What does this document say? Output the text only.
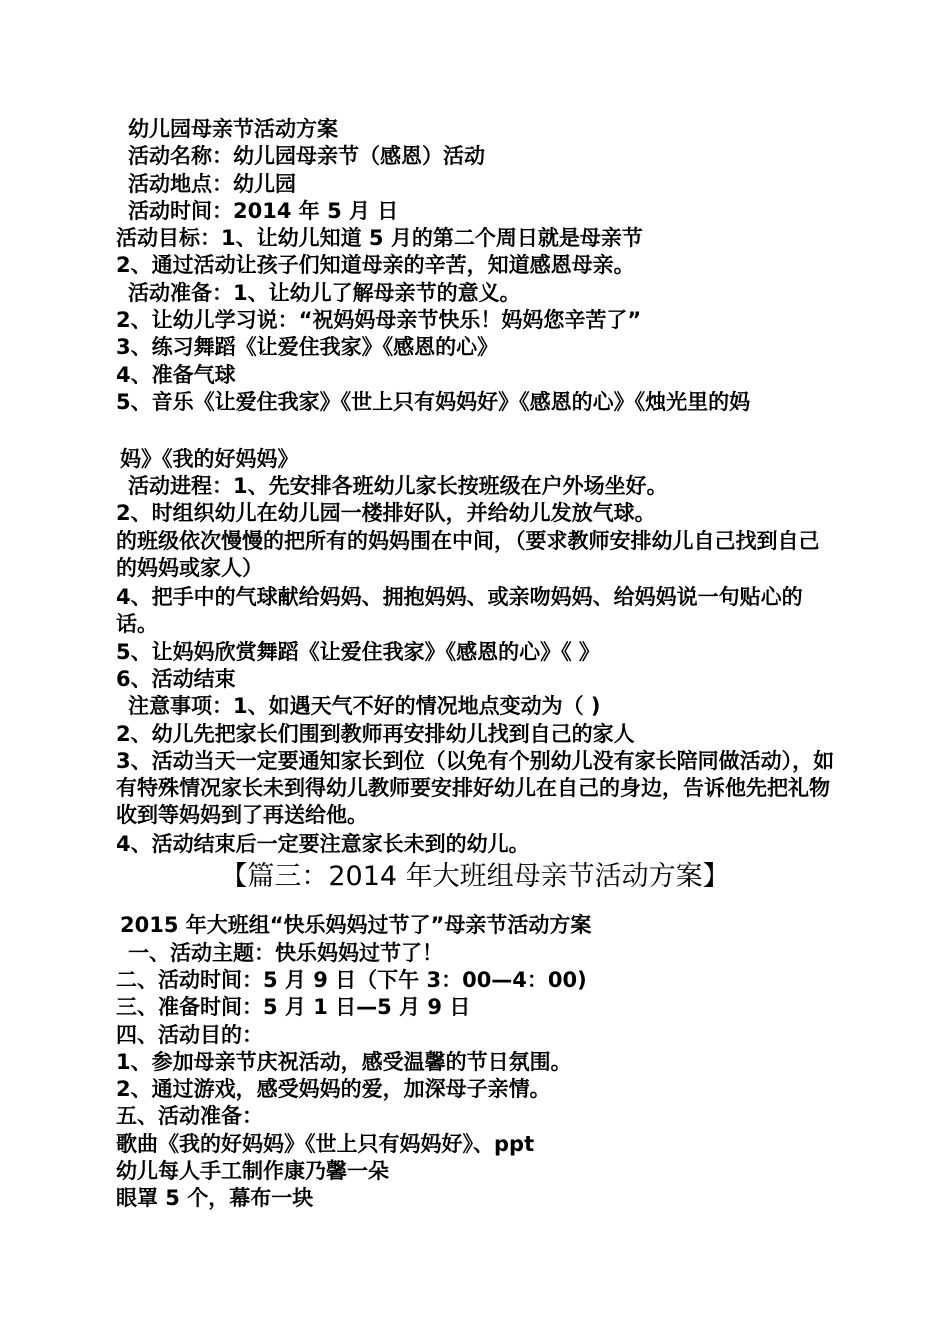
幼儿园母亲节活动方案
活动名称：幼儿园母亲节（感恩）活动
活动地点：幼儿园
活动时间：2014 年 5 月 日
活动目标：1、让幼儿知道 5 月的第二个周日就是母亲节
2、通过活动让孩子们知道母亲的辛苦，知道感恩母亲。
活动准备：1、让幼儿了解母亲节的意义。
2、让幼儿学习说：“祝妈妈母亲节快乐！妈妈您辛苦了”
3、练习舞蹈《让爱住我家》《感恩的心》
4、准备气球
5、音乐《让爱住我家》《世上只有妈妈好》《感恩的心》《烛光里的妈
妈》《我的好妈妈》
活动进程：1、先安排各班幼儿家长按班级在户外场坐好。
2、时组织幼儿在幼儿园一楼排好队，并给幼儿发放气球。
的班级依次慢慢的把所有的妈妈围在中间，（要求教师安排幼儿自己找到自己的妈妈或家人）
4、把手中的气球献给妈妈、拥抱妈妈、或亲吻妈妈、给妈妈说一句贴心的话。
5、让妈妈欣赏舞蹈《让爱住我家》《感恩的心》《 》
6、活动结束
注意事项：1、如遇天气不好的情况地点变动为（ )
2、幼儿先把家长们围到教师再安排幼儿找到自己的家人
3、活动当天一定要通知家长到位（以免有个别幼儿没有家长陪同做活动），如有特殊情况家长未到得幼儿教师要安排好幼儿在自己的身边，告诉他先把礼物收到等妈妈到了再送给他。
4、活动结束后一定要注意家长未到的幼儿。
【篇三：2014 年大班组母亲节活动方案】
2015 年大班组“快乐妈妈过节了”母亲节活动方案
一、活动主题：快乐妈妈过节了！
二、活动时间：5 月 9 日（下午 3：00—4：00)
三、准备时间：5 月 1 日—5 月 9 日
四、活动目的：
1、参加母亲节庆祝活动，感受温馨的节日氛围。
2、通过游戏，感受妈妈的爱，加深母子亲情。
五、活动准备：
歌曲《我的好妈妈》《世上只有妈妈好》、ppt
幼儿每人手工制作康乃馨一朵
眼罩 5 个，幕布一块
